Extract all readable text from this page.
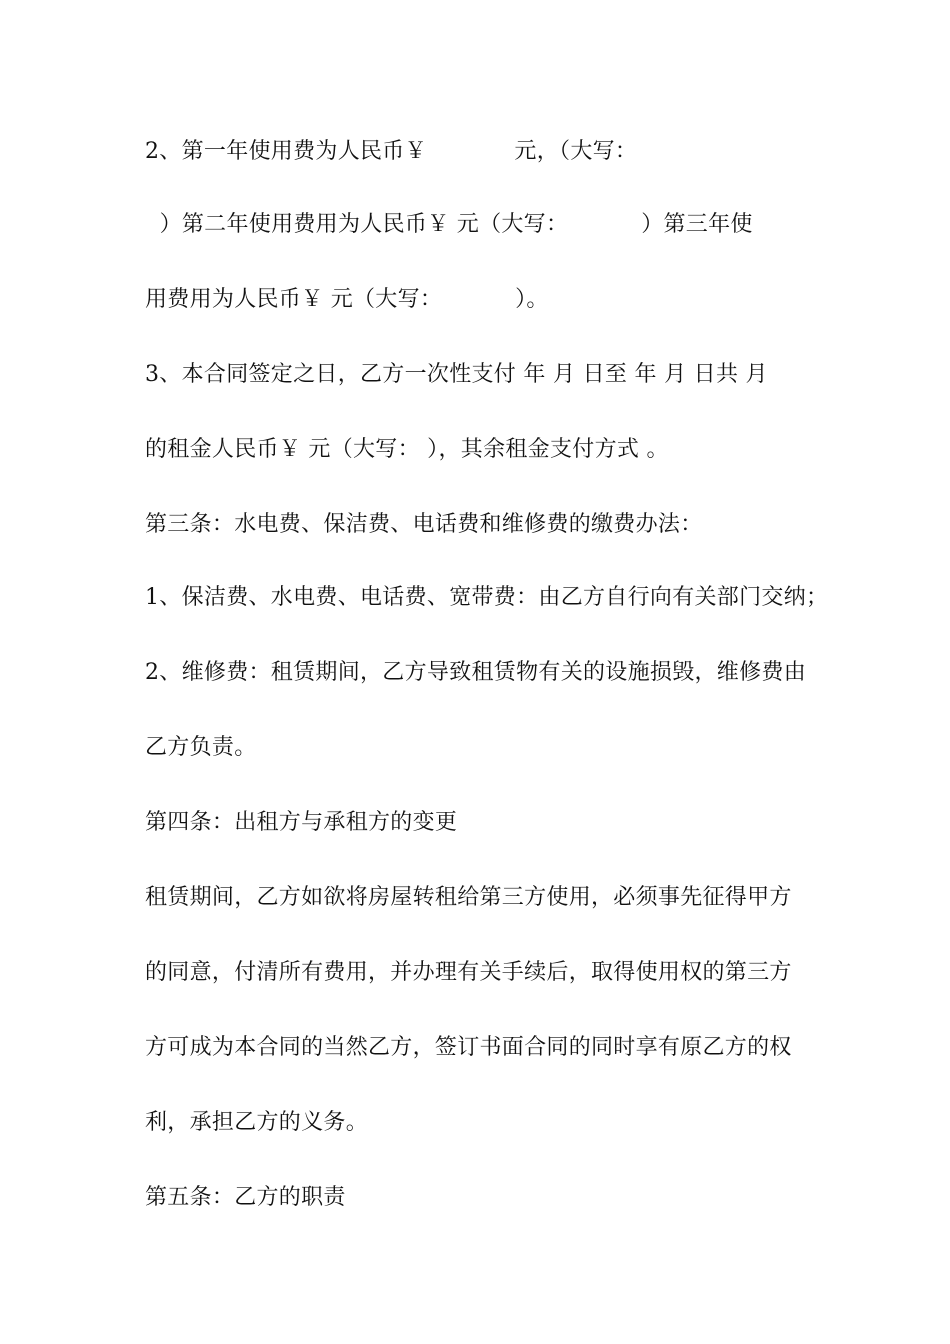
2、第一年使用费为人民币￥            元，（大写：
）第二年使用费用为人民币￥ 元（大写：          ）第三年使
用费用为人民币￥ 元（大写：          ）。
3、本合同签定之日，乙方一次性支付 年 月 日至 年 月 日共 月
的租金人民币￥ 元（大写： ），其余租金支付方式 。
第三条：水电费、保洁费、电话费和维修费的缴费办法：
1、保洁费、水电费、电话费、宽带费：由乙方自行向有关部门交纳；
2、维修费：租赁期间，乙方导致租赁物有关的设施损毁，维修费由
乙方负责。
第四条：出租方与承租方的变更
租赁期间，乙方如欲将房屋转租给第三方使用，必须事先征得甲方
的同意，付清所有费用，并办理有关手续后，取得使用权的第三方
方可成为本合同的当然乙方，签订书面合同的同时享有原乙方的权
利，承担乙方的义务。
第五条：乙方的职责
